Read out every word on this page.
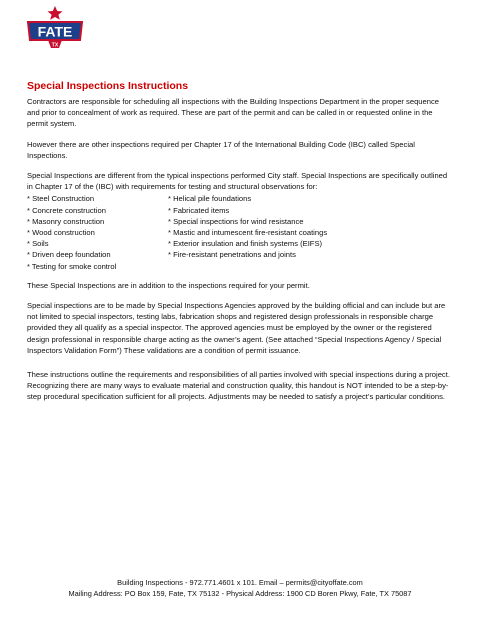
FATE
TX
Special Inspections Instructions

Contractors are responsible for scheduling all inspections with the Building Inspections Department in the proper sequence and prior to concealment of work as required. These are part of the permit and can be called in or requested online in the permit system.

However there are other inspections required per Chapter 17 of the International Building Code (IBC) called Special Inspections.

Special Inspections are different from the typical inspections performed City staff. Special Inspections are specifically outlined in Chapter 17 of the (IBC) with requirements for testing and structural observations for:

* Steel Construction
* Concrete construction
* Masonry construction
* Wood construction
* Soils
* Driven deep foundation
* Testing for smoke control
* Helical pile foundations
* Fabricated items
* Special inspections for wind resistance
* Mastic and intumescent fire-resistant coatings
* Exterior insulation and finish systems (EIFS)
* Fire-resistant penetrations and joints

These Special Inspections are in addition to the inspections required for your permit.

Special inspections are to be made by Special Inspections Agencies approved by the building official and can include but are not limited to special inspectors, testing labs, fabrication shops and registered design professionals in responsible charge provided they all qualify as a special inspector. The approved agencies must be employed by the owner or the registered design professional in responsible charge acting as the owner’s agent. (See attached “Special Inspections Agency / Special Inspectors Validation Form”) These validations are a condition of permit issuance.

These instructions outline the requirements and responsibilities of all parties involved with special inspections during a project. Recognizing there are many ways to evaluate material and construction quality, this handout is NOT intended to be a step-by-step procedural specification sufficient for all projects. Adjustments may be needed to satisfy a project’s particular conditions.

Building Inspections - 972.771.4601 x 101. Email – permits@cityoffate.com
Mailing Address: PO Box 159, Fate, TX 75132 - Physical Address: 1900 CD Boren Pkwy, Fate, TX 75087
